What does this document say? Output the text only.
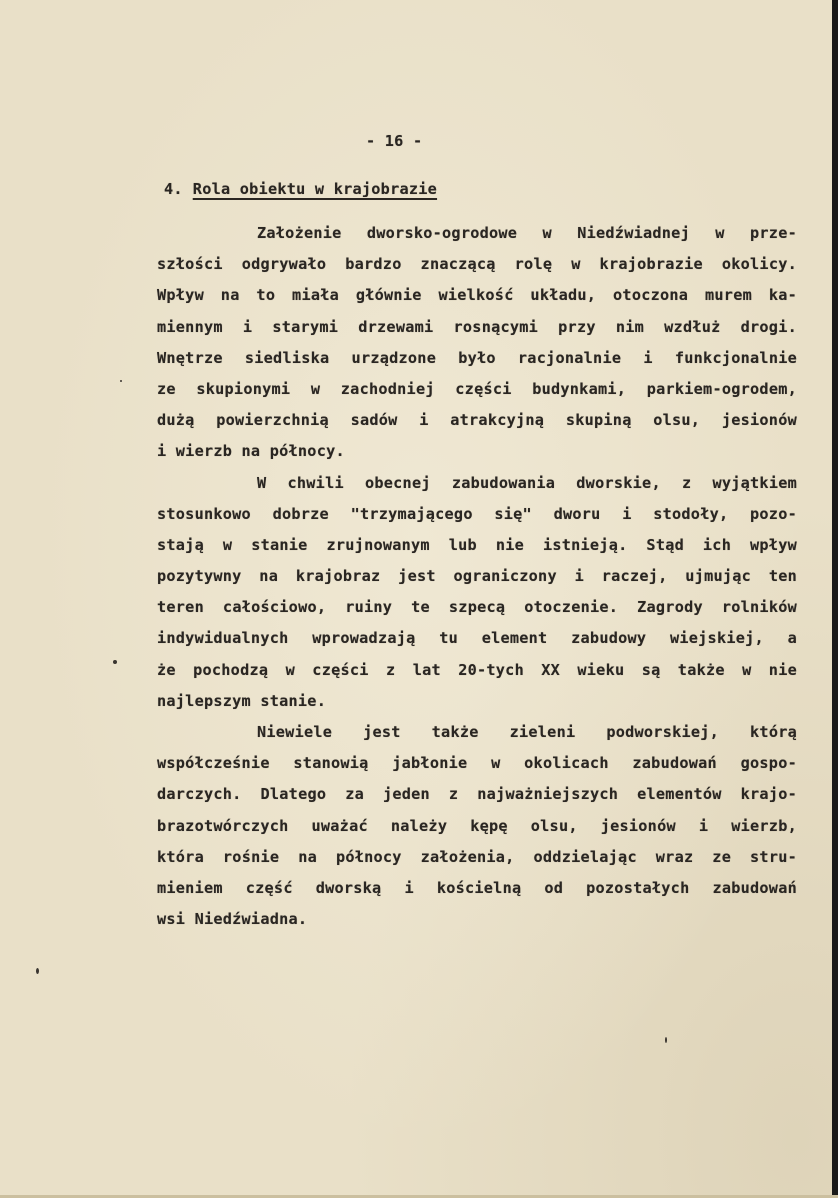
- 16 -
4. Rola obiektu w krajobrazie
Założenie dworsko-ogrodowe w Niedźwiadnej w prze-
szłości odgrywało bardzo znaczącą rolę w krajobrazie okolicy.
Wpływ na to miała głównie wielkość układu, otoczona murem ka-
miennym i starymi drzewami rosnącymi przy nim wzdłuż drogi.
Wnętrze siedliska urządzone było racjonalnie i funkcjonalnie
ze skupionymi w zachodniej części budynkami, parkiem-ogrodem,
dużą powierzchnią sadów i atrakcyjną skupiną olsu, jesionów
i wierzb na północy.
W chwili obecnej zabudowania dworskie, z wyjątkiem
stosunkowo dobrze "trzymającego się" dworu i stodoły, pozo-
stają w stanie zrujnowanym lub nie istnieją. Stąd ich wpływ
pozytywny na krajobraz jest ograniczony i raczej, ujmując ten
teren całościowo, ruiny te szpecą otoczenie. Zagrody rolników
indywidualnych wprowadzają tu element zabudowy wiejskiej, a
że pochodzą w części z lat 20-tych XX wieku są także w nie
najlepszym stanie.
Niewiele jest także zieleni podworskiej, którą
współcześnie stanowią jabłonie w okolicach zabudowań gospo-
darczych. Dlatego za jeden z najważniejszych elementów krajo-
brazotwórczych uważać należy kępę olsu, jesionów i wierzb,
która rośnie na północy założenia, oddzielając wraz ze stru-
mieniem część dworską i kościelną od pozostałych zabudowań
wsi Niedźwiadna.
